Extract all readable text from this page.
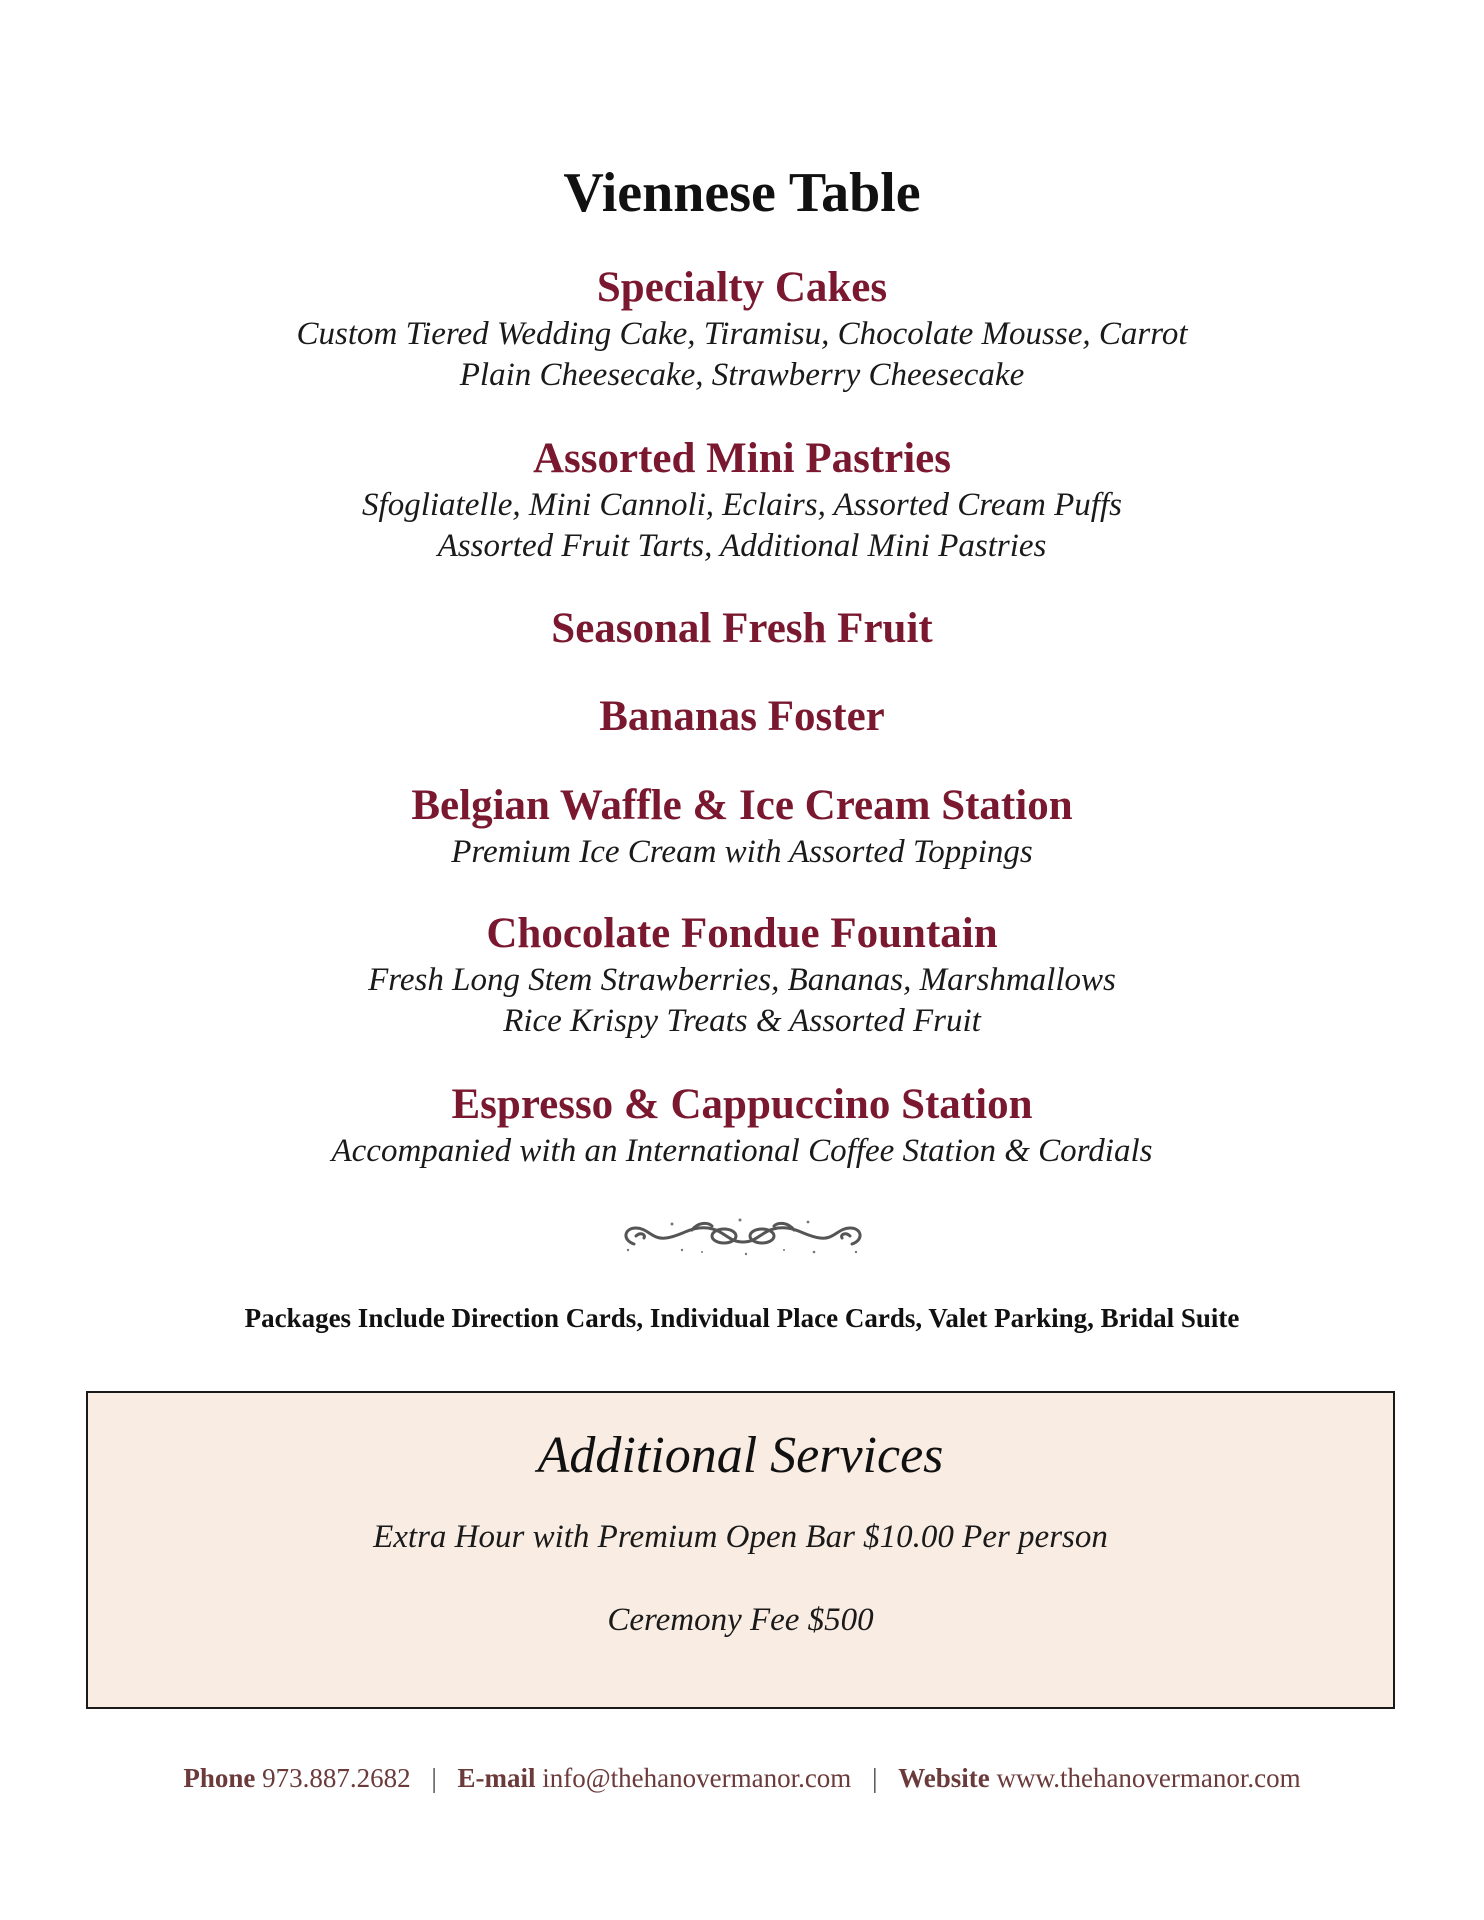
Viennese Table
Specialty Cakes
Custom Tiered Wedding Cake, Tiramisu, Chocolate Mousse, Carrot
Plain Cheesecake, Strawberry Cheesecake
Assorted Mini Pastries
Sfogliatelle, Mini Cannoli, Eclairs, Assorted Cream Puffs
Assorted Fruit Tarts, Additional Mini Pastries
Seasonal Fresh Fruit
Bananas Foster
Belgian Waffle & Ice Cream Station
Premium Ice Cream with Assorted Toppings
Chocolate Fondue Fountain
Fresh Long Stem Strawberries, Bananas, Marshmallows
Rice Krispy Treats & Assorted Fruit
Espresso & Cappuccino Station
Accompanied with an International Coffee Station & Cordials
Packages Include Direction Cards, Individual Place Cards, Valet Parking, Bridal Suite
Additional Services
Extra Hour with Premium Open Bar $10.00 Per person
Ceremony Fee $500
Phone 973.887.2682 | E-mail info@thehanovermanor.com | Website www.thehanovermanor.com
